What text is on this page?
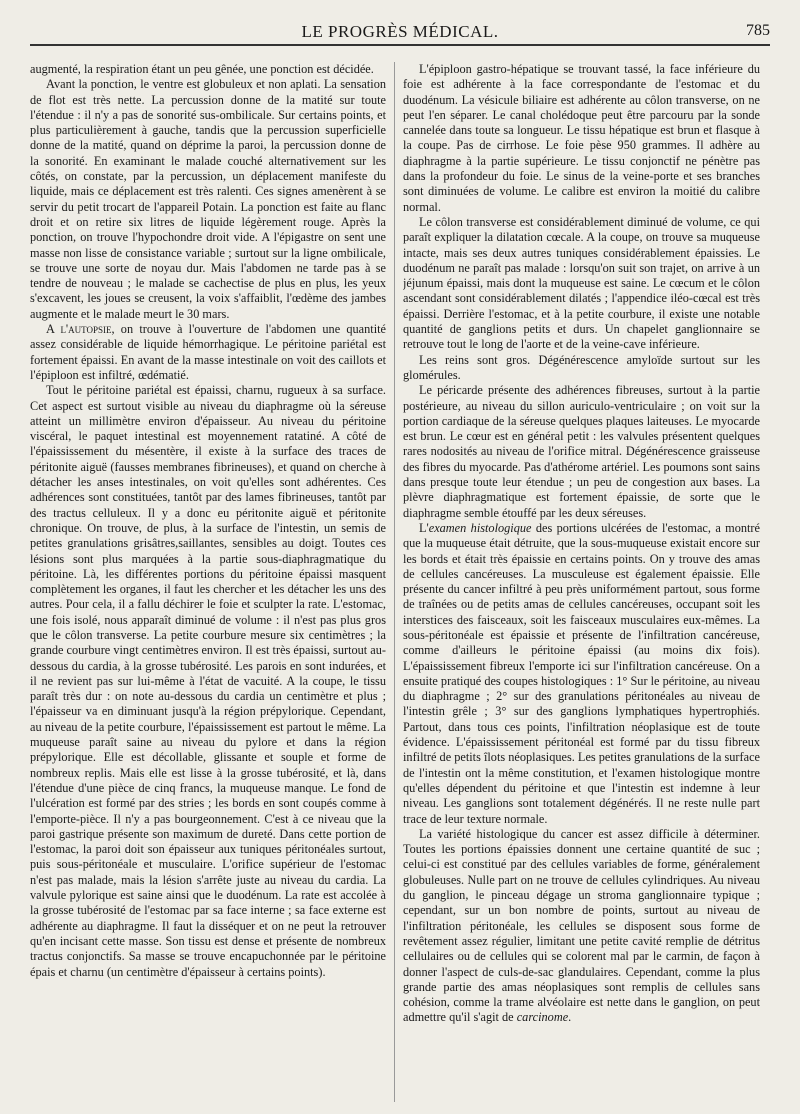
LE PROGRÈS MÉDICAL.	785

augmenté, la respiration étant un peu gênée, une ponction est décidée.

Avant la ponction, le ventre est globuleux et non aplati. La sensation de flot est très nette. La percussion donne de la matité sur toute l'étendue : il n'y a pas de sonorité sus-ombilicale. Sur certains points, et plus particulièrement à gauche, tandis que la percussion superficielle donne de la matité, quand on déprime la paroi, la percussion donne de la sonorité. En examinant le malade couché alternativement sur les côtés, on constate, par la percussion, un déplacement manifeste du liquide, mais ce déplacement est très ralenti. Ces signes amenèrent à se servir du petit trocart de l'appareil Potain. La ponction est faite au flanc droit et on retire six litres de liquide légèrement rouge. Après la ponction, on trouve l'hypochondre droit vide. A l'épigastre on sent une masse non lisse de consistance variable ; surtout sur la ligne ombilicale, se trouve une sorte de noyau dur. Mais l'abdomen ne tarde pas à se tendre de nouveau ; le malade se cachectise de plus en plus, les yeux s'excavent, les joues se creusent, la voix s'affaiblit, l'œdème des jambes augmente et le malade meurt le 30 mars.

A l'autopsie, on trouve à l'ouverture de l'abdomen une quantité assez considérable de liquide hémorrhagique. Le péritoine pariétal est fortement épaissi. En avant de la masse intestinale on voit des caillots et l'épiploon est infiltré, œdématié.

Tout le péritoine pariétal est épaissi, charnu, rugueux à sa surface. Cet aspect est surtout visible au niveau du diaphragme où la séreuse atteint un millimètre environ d'épaisseur. Au niveau du péritoine viscéral, le paquet intestinal est moyennement ratatiné. A côté de l'épaississement du mésentère, il existe à la surface des traces de péritonite aiguë (fausses membranes fibrineuses), et quand on cherche à détacher les anses intestinales, on voit qu'elles sont adhérentes. Ces adhérences sont constituées, tantôt par des lames fibrineuses, tantôt par des tractus celluleux. Il y a donc eu péritonite aiguë et péritonite chronique. On trouve, de plus, à la surface de l'intestin, un semis de petites granulations grisâtres,saillantes, sensibles au doigt. Toutes ces lésions sont plus marquées à la partie sous-diaphragmatique du péritoine. Là, les différentes portions du péritoine épaissi masquent complètement les organes, il faut les chercher et les détacher les uns des autres. Pour cela, il a fallu déchirer le foie et sculpter la rate. L'estomac, une fois isolé, nous apparaît diminué de volume : il n'est pas plus gros que le côlon transverse. La petite courbure mesure six centimètres ; la grande courbure vingt centimètres environ. Il est très épaissi, surtout au-dessous du cardia, à la grosse tubérosité. Les parois en sont indurées, et il ne revient pas sur lui-même à l'état de vacuité. A la coupe, le tissu paraît très dur : on note au-dessous du cardia un centimètre et plus ; l'épaisseur va en diminuant jusqu'à la région prépylorique. Cependant, au niveau de la petite courbure, l'épaississement est partout le même. La muqueuse paraît saine au niveau du pylore et dans la région prépylorique. Elle est décollable, glissante et souple et forme de nombreux replis. Mais elle est lisse à la grosse tubérosité, et là, dans l'étendue d'une pièce de cinq francs, la muqueuse manque. Le fond de l'ulcération est formé par des stries ; les bords en sont coupés comme à l'emporte-pièce. Il n'y a pas bourgeonnement. C'est à ce niveau que la paroi gastrique présente son maximum de dureté. Dans cette portion de l'estomac, la paroi doit son épaisseur aux tuniques péritonéales surtout, puis sous-péritonéale et musculaire. L'orifice supérieur de l'estomac n'est pas malade, mais la lésion s'arrête juste au niveau du cardia. La valvule pylorique est saine ainsi que le duodénum. La rate est accolée à la grosse tubérosité de l'estomac par sa face interne ; sa face externe est adhérente au diaphragme. Il faut la disséquer et on ne peut la retrouver qu'en incisant cette masse. Son tissu est dense et présente de nombreux tractus conjonctifs. Sa masse se trouve encapuchonnée par le péritoine épais et charnu (un centimètre d'épaisseur à certains points).

L'épiploon gastro-hépatique se trouvant tassé, la face inférieure du foie est adhérente à la face correspondante de l'estomac et du duodénum. La vésicule biliaire est adhérente au côlon transverse, on ne peut l'en séparer. Le canal cholédoque peut être parcouru par la sonde cannelée dans toute sa longueur. Le tissu hépatique est brun et flasque à la coupe. Pas de cirrhose. Le foie pèse 950 grammes. Il adhère au diaphragme à la partie supérieure. Le tissu conjonctif ne pénètre pas dans la profondeur du foie. Le sinus de la veine-porte et ses branches sont diminuées de volume. Le calibre est environ la moitié du calibre normal.

Le côlon transverse est considérablement diminué de volume, ce qui paraît expliquer la dilatation cœcale. A la coupe, on trouve sa muqueuse intacte, mais ses deux autres tuniques considérablement épaissies. Le duodénum ne paraît pas malade : lorsqu'on suit son trajet, on arrive à un jéjunum épaissi, mais dont la muqueuse est saine. Le cœcum et le côlon ascendant sont considérablement dilatés ; l'appendice iléo-cœcal est très épaissi. Derrière l'estomac, et à la petite courbure, il existe une notable quantité de ganglions petits et durs. Un chapelet ganglionnaire se retrouve tout le long de l'aorte et de la veine-cave inférieure.

Les reins sont gros. Dégénérescence amyloïde surtout sur les glomérules.

Le péricarde présente des adhérences fibreuses, surtout à la partie postérieure, au niveau du sillon auriculo-ventriculaire ; on voit sur la portion cardiaque de la séreuse quelques plaques laiteuses. Le myocarde est brun. Le cœur est en général petit : les valvules présentent quelques rares nodosités au niveau de l'orifice mitral. Dégénérescence graisseuse des fibres du myocarde. Pas d'athérome artériel. Les poumons sont sains dans presque toute leur étendue ; un peu de congestion aux bases. La plèvre diaphragmatique est fortement épaissie, de sorte que le diaphragme semble étouffé par les deux séreuses.

L'examen histologique des portions ulcérées de l'estomac, a montré que la muqueuse était détruite, que la sous-muqueuse existait encore sur les bords et était très épaissie en certains points. On y trouve des amas de cellules cancéreuses. La musculeuse est également épaissie. Elle présente du cancer infiltré à peu près uniformément partout, sous forme de traînées ou de petits amas de cellules cancéreuses, occupant soit les interstices des faisceaux, soit les faisceaux musculaires eux-mêmes. La sous-péritonéale est épaissie et présente de l'infiltration cancéreuse, comme d'ailleurs le péritoine épaissi (au moins dix fois). L'épaississement fibreux l'emporte ici sur l'infiltration cancéreuse. On a ensuite pratiqué des coupes histologiques : 1° Sur le péritoine, au niveau du diaphragme ; 2° sur des granulations péritonéales au niveau de l'intestin grêle ; 3° sur des ganglions lymphatiques hypertrophiés. Partout, dans tous ces points, l'infiltration néoplasique est de toute évidence. L'épaississement péritonéal est formé par du tissu fibreux infiltré de petits îlots néoplasiques. Les petites granulations de la surface de l'intestin ont la même constitution, et l'examen histologique montre qu'elles dépendent du péritoine et que l'intestin est indemne à leur niveau. Les ganglions sont totalement dégénérés. Il ne reste nulle part trace de leur texture normale.

La variété histologique du cancer est assez difficile à déterminer. Toutes les portions épaissies donnent une certaine quantité de suc ; celui-ci est constitué par des cellules variables de forme, généralement globuleuses. Nulle part on ne trouve de cellules cylindriques. Au niveau du ganglion, le pinceau dégage un stroma ganglionnaire typique ; cependant, sur un bon nombre de points, surtout au niveau de l'infiltration péritonéale, les cellules se disposent sous forme de revêtement assez régulier, limitant une petite cavité remplie de détritus cellulaires ou de cellules qui se colorent mal par le carmin, de façon à donner l'aspect de culs-de-sac glandulaires. Cependant, comme la plus grande partie des amas néoplasiques sont remplis de cellules sans cohésion, comme la trame alvéolaire est nette dans le ganglion, on peut admettre qu'il s'agit de carcinome.
